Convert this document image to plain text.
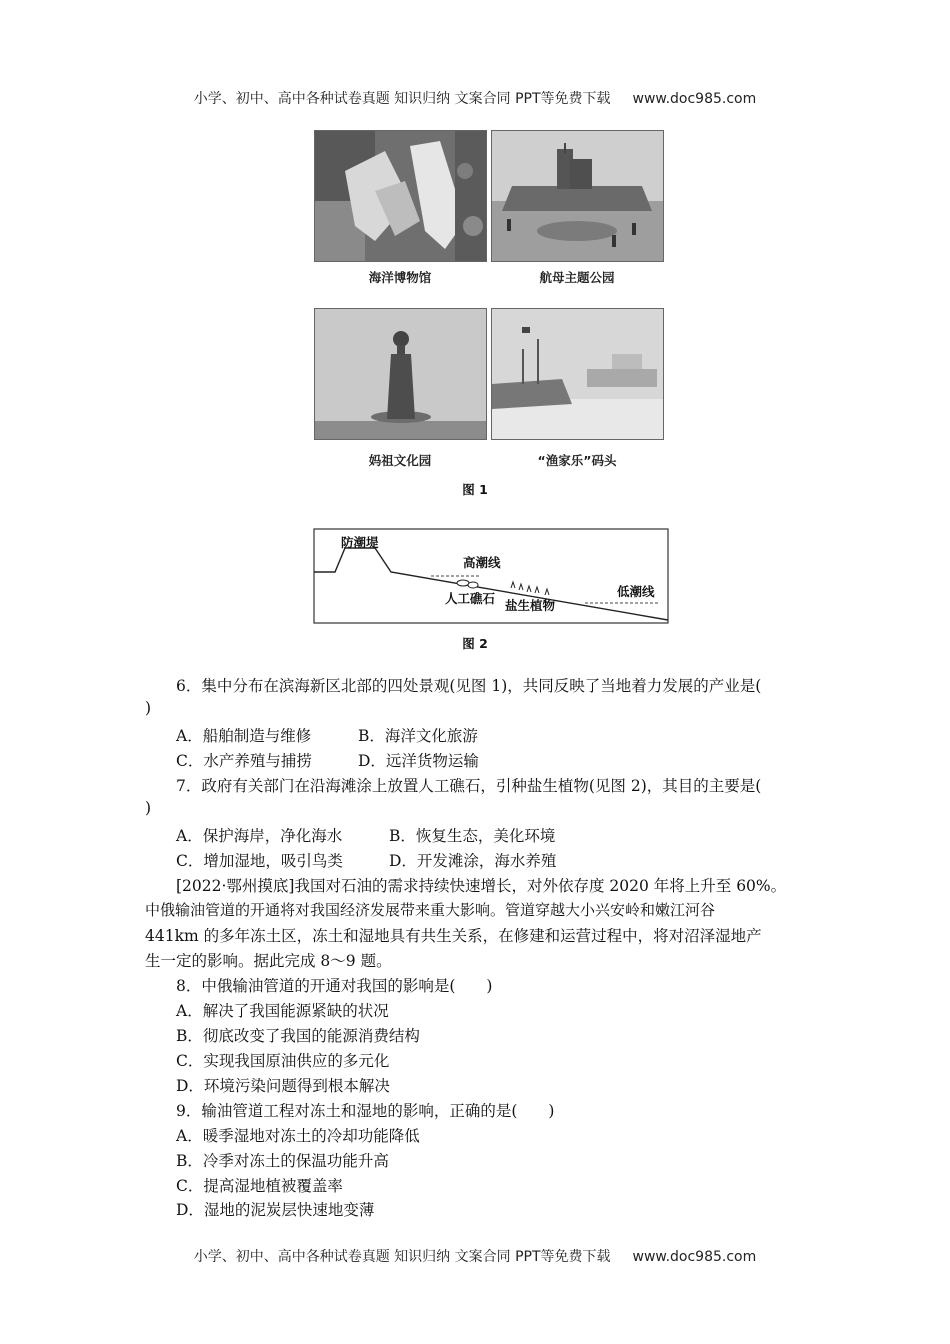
小学、初中、高中各种试卷真题 知识归纳 文案合同 PPT等免费下载 www.doc985.com
海洋博物馆	航母主题公园
妈祖文化园	“渔家乐”码头
图 1
防潮堤
高潮线
人工礁石 盐生植物
低潮线
图 2
6．集中分布在滨海新区北部的四处景观(见图 1)，共同反映了当地着力发展的产业是(
)
A．船舶制造与维修	B．海洋文化旅游
C．水产养殖与捕捞	D．远洋货物运输
7．政府有关部门在沿海滩涂上放置人工礁石，引种盐生植物(见图 2)，其目的主要是(
)
A．保护海岸，净化海水	B．恢复生态，美化环境
C．增加湿地，吸引鸟类	D．开发滩涂，海水养殖
[2022·鄂州摸底]我国对石油的需求持续快速增长，对外依存度 2020 年将上升至 60%。
中俄输油管道的开通将对我国经济发展带来重大影响。管道穿越大小兴安岭和嫩江河谷
441km 的多年冻土区，冻土和湿地具有共生关系，在修建和运营过程中，将对沼泽湿地产
生一定的影响。据此完成 8～9 题。
8．中俄输油管道的开通对我国的影响是(　　)
A．解决了我国能源紧缺的状况
B．彻底改变了我国的能源消费结构
C．实现我国原油供应的多元化
D．环境污染问题得到根本解决
9．输油管道工程对冻土和湿地的影响，正确的是(　　)
A．暖季湿地对冻土的冷却功能降低
B．冷季对冻土的保温功能升高
C．提高湿地植被覆盖率
D．湿地的泥炭层快速地变薄
小学、初中、高中各种试卷真题 知识归纳 文案合同 PPT等免费下载 www.doc985.com
